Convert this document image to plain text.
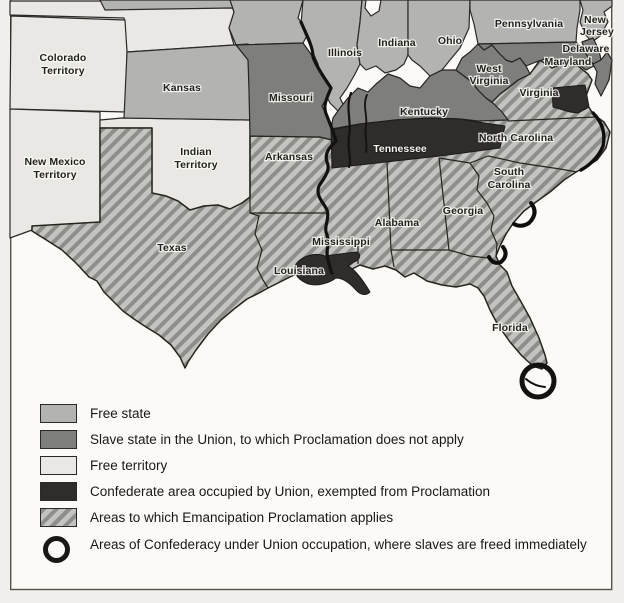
Colorado
Territory
Kansas
New Mexico
Territory
Indian
Territory
Texas
Missouri
Arkansas
Louisiana
Mississippi
Alabama
Georgia
Florida
Tennessee
Kentucky
Illinois
Indiana Ohio
Pennsylvania New
Jersey
Delaware
Maryland
West
Virginia
Virginia
North Carolina
South
Carolina
Free state
Slave state in the Union, to which Proclamation does not apply
Free territory
Confederate area occupied by Union, exempted from Proclamation
Areas to which Emancipation Proclamation applies
Areas of Confederacy under Union occupation, where slaves are freed immediately
